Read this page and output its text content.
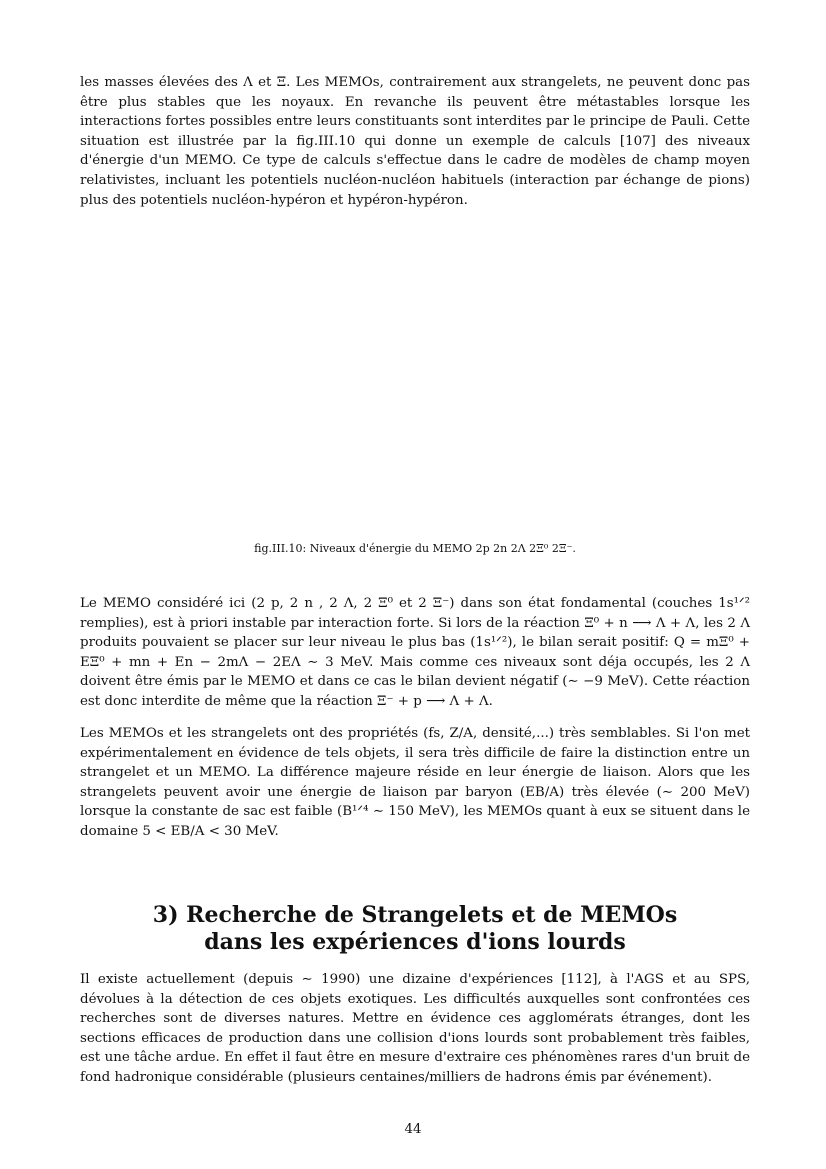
les masses élevées des Λ et Ξ. Les MEMOs, contrairement aux strangelets, ne peuvent donc pas être plus stables que les noyaux. En revanche ils peuvent être métastables lorsque les interactions fortes possibles entre leurs constituants sont interdites par le principe de Pauli. Cette situation est illustrée par la fig.III.10 qui donne un exemple de calculs [107] des niveaux d'énergie d'un MEMO. Ce type de calculs s'effectue dans le cadre de modèles de champ moyen relativistes, incluant les potentiels nucléon-nucléon habituels (interaction par échange de pions) plus des potentiels nucléon-hypéron et hypéron-hypéron.

fig.III.10: Niveaux d'énergie du MEMO 2p 2n 2Λ 2Ξ⁰ 2Ξ⁻.

Le MEMO considéré ici (2 p, 2 n , 2 Λ, 2 Ξ⁰ et 2 Ξ⁻) dans son état fondamental (couches 1s¹ᐟ² remplies), est à priori instable par interaction forte. Si lors de la réaction Ξ⁰ + n ⟶ Λ + Λ, les 2 Λ produits pouvaient se placer sur leur niveau le plus bas (1s¹ᐟ²), le bilan serait positif: Q = mΞ⁰ + EΞ⁰ + mn + En − 2mΛ − 2EΛ ∼ 3 MeV. Mais comme ces niveaux sont déja occupés, les 2 Λ doivent être émis par le MEMO et dans ce cas le bilan devient négatif (∼ −9 MeV). Cette réaction est donc interdite de même que la réaction Ξ⁻ + p ⟶ Λ + Λ.

Les MEMOs et les strangelets ont des propriétés (fs, Z/A, densité,...) très semblables. Si l'on met expérimentalement en évidence de tels objets, il sera très difficile de faire la distinction entre un strangelet et un MEMO. La différence majeure réside en leur énergie de liaison. Alors que les strangelets peuvent avoir une énergie de liaison par baryon (EB/A) très élevée (∼ 200 MeV) lorsque la constante de sac est faible (B¹ᐟ⁴ ∼ 150 MeV), les MEMOs quant à eux se situent dans le domaine 5 < EB/A < 30 MeV.

3) Recherche de Strangelets et de MEMOs
dans les expériences d'ions lourds

Il existe actuellement (depuis ∼ 1990) une dizaine d'expériences [112], à l'AGS et au SPS, dévolues à la détection de ces objets exotiques. Les difficultés auxquelles sont confrontées ces recherches sont de diverses natures. Mettre en évidence ces agglomérats étranges, dont les sections efficaces de production dans une collision d'ions lourds sont probablement très faibles, est une tâche ardue. En effet il faut être en mesure d'extraire ces phénomènes rares d'un bruit de fond hadronique considérable (plusieurs centaines/milliers de hadrons émis par événement).

44
